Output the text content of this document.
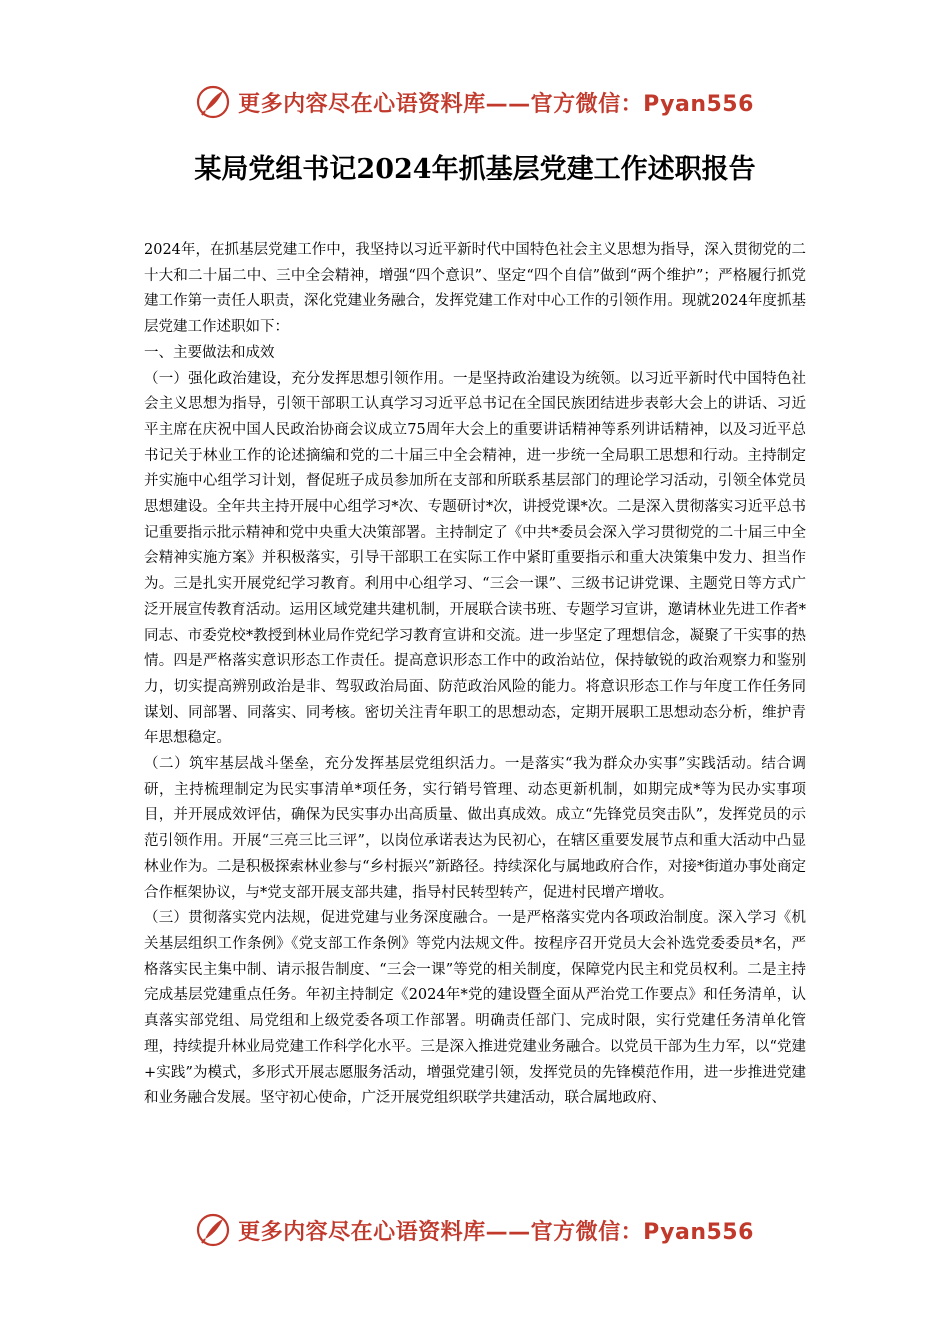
更多内容尽在心语资料库——官方微信：Pyan556
某局党组书记2024年抓基层党建工作述职报告

2024年，在抓基层党建工作中，我坚持以习近平新时代中国特色社会主义思想为指导，深入贯彻党的二十大和二十届二中、三中全会精神，增强“四个意识”、坚定“四个自信”做到“两个维护”；严格履行抓党建工作第一责任人职责，深化党建业务融合，发挥党建工作对中心工作的引领作用。现就2024年度抓基层党建工作述职如下：

一、主要做法和成效

（一）强化政治建设，充分发挥思想引领作用。一是坚持政治建设为统领。以习近平新时代中国特色社会主义思想为指导，引领干部职工认真学习习近平总书记在全国民族团结进步表彰大会上的讲话、习近平主席在庆祝中国人民政治协商会议成立75周年大会上的重要讲话精神等系列讲话精神，以及习近平总书记关于林业工作的论述摘编和党的二十届三中全会精神，进一步统一全局职工思想和行动。主持制定并实施中心组学习计划，督促班子成员参加所在支部和所联系基层部门的理论学习活动，引领全体党员思想建设。全年共主持开展中心组学习*次、专题研讨*次，讲授党课*次。二是深入贯彻落实习近平总书记重要指示批示精神和党中央重大决策部署。主持制定了《中共*委员会深入学习贯彻党的二十届三中全会精神实施方案》并积极落实，引导干部职工在实际工作中紧盯重要指示和重大决策集中发力、担当作为。三是扎实开展党纪学习教育。利用中心组学习、“三会一课”、三级书记讲党课、主题党日等方式广泛开展宣传教育活动。运用区域党建共建机制，开展联合读书班、专题学习宣讲，邀请林业先进工作者*同志、市委党校*教授到林业局作党纪学习教育宣讲和交流。进一步坚定了理想信念，凝聚了干实事的热情。四是严格落实意识形态工作责任。提高意识形态工作中的政治站位，保持敏锐的政治观察力和鉴别力，切实提高辨别政治是非、驾驭政治局面、防范政治风险的能力。将意识形态工作与年度工作任务同谋划、同部署、同落实、同考核。密切关注青年职工的思想动态，定期开展职工思想动态分析，维护青年思想稳定。

（二）筑牢基层战斗堡垒，充分发挥基层党组织活力。一是落实“我为群众办实事”实践活动。结合调研，主持梳理制定为民实事清单*项任务，实行销号管理、动态更新机制，如期完成*等为民办实事项目，并开展成效评估，确保为民实事办出高质量、做出真成效。成立“先锋党员突击队”，发挥党员的示范引领作用。开展“三亮三比三评”，以岗位承诺表达为民初心，在辖区重要发展节点和重大活动中凸显林业作为。二是积极探索林业参与“乡村振兴”新路径。持续深化与属地政府合作，对接*街道办事处商定合作框架协议，与*党支部开展支部共建，指导村民转型转产，促进村民增产增收。

（三）贯彻落实党内法规，促进党建与业务深度融合。一是严格落实党内各项政治制度。深入学习《机关基层组织工作条例》《党支部工作条例》等党内法规文件。按程序召开党员大会补选党委委员*名，严格落实民主集中制、请示报告制度、“三会一课”等党的相关制度，保障党内民主和党员权利。二是主持完成基层党建重点任务。年初主持制定《2024年*党的建设暨全面从严治党工作要点》和任务清单，认真落实部党组、局党组和上级党委各项工作部署。明确责任部门、完成时限，实行党建任务清单化管理，持续提升林业局党建工作科学化水平。三是深入推进党建业务融合。以党员干部为生力军，以“党建+实践”为模式，多形式开展志愿服务活动，增强党建引领，发挥党员的先锋模范作用，进一步推进党建和业务融合发展。坚守初心使命，广泛开展党组织联学共建活动，联合属地政府、

更多内容尽在心语资料库——官方微信：Pyan556
